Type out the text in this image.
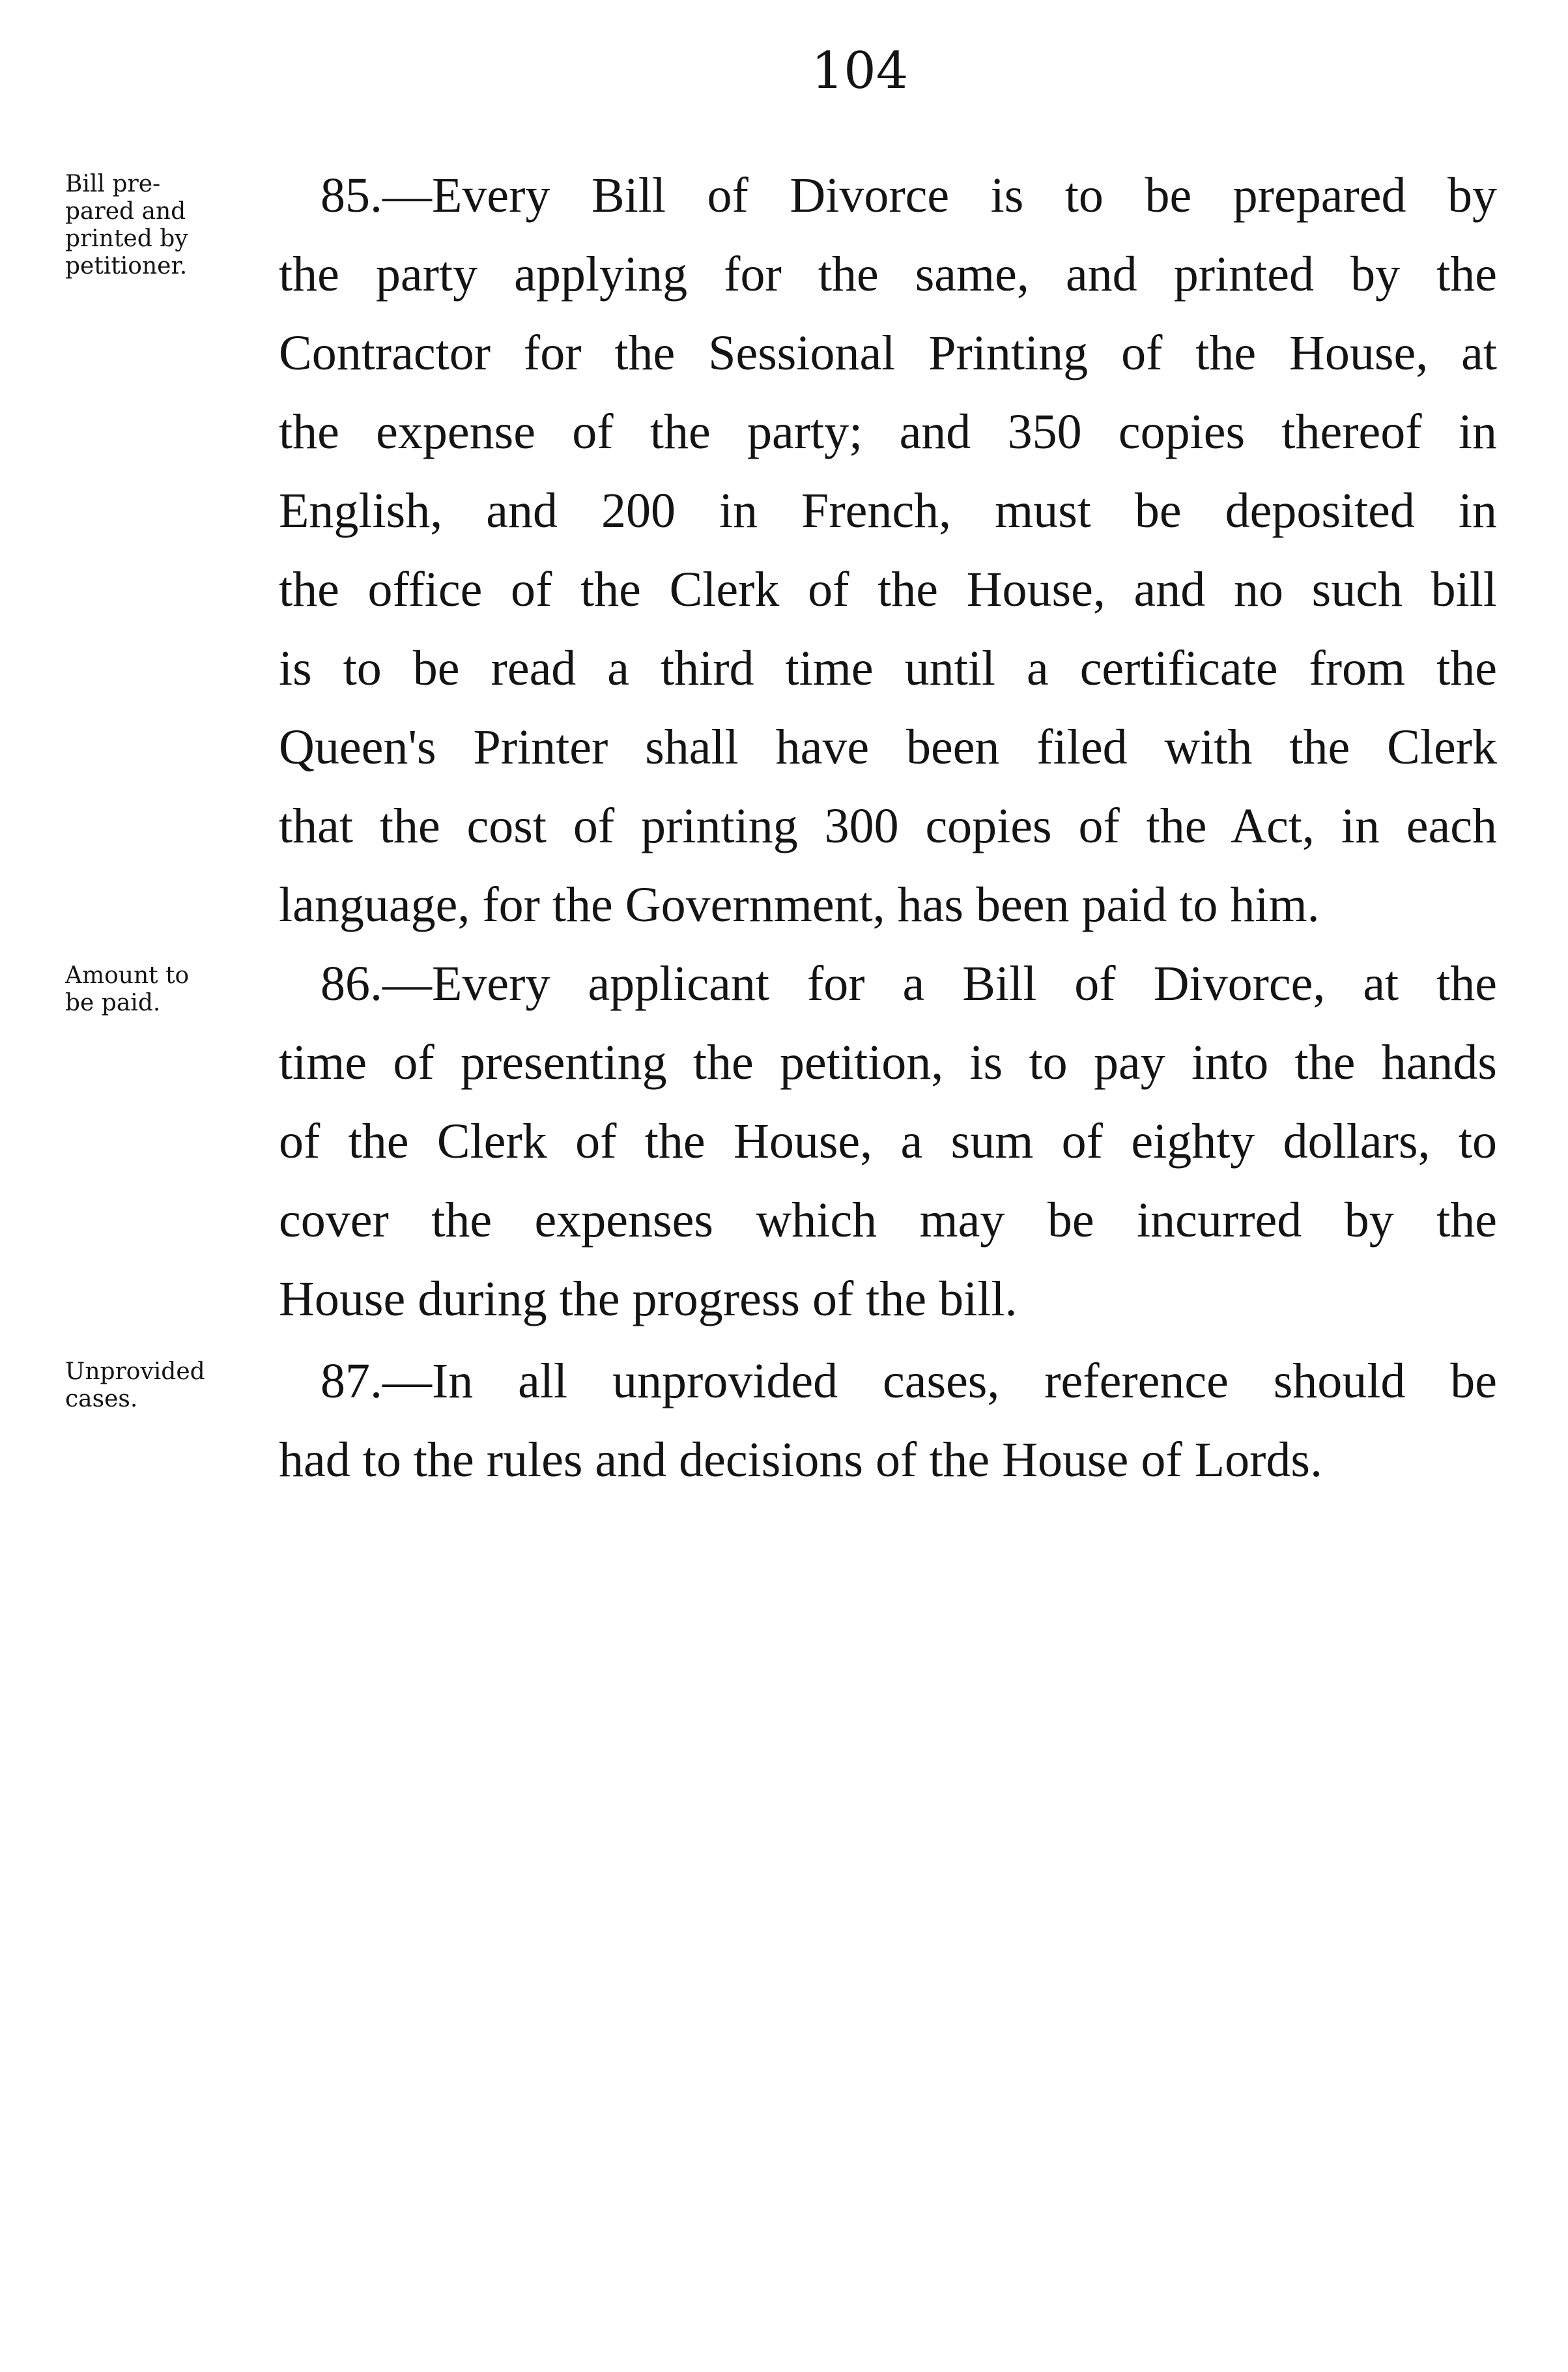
104
Bill pre-
pared and
printed by
petitioner.
85.—Every Bill of Divorce is to be prepared by
the party applying for the same, and printed by the
Contractor for the Sessional Printing of the House, at
the expense of the party; and 350 copies thereof in
English, and 200 in French, must be deposited in
the office of the Clerk of the House, and no such bill
is to be read a third time until a certificate from the
Queen's Printer shall have been filed with the Clerk
that the cost of printing 300 copies of the Act, in each
language, for the Government, has been paid to him.
Amount to
be paid.	86.—Every applicant for a Bill of Divorce, at the
time of presenting the petition, is to pay into the hands
of the Clerk of the House, a sum of eighty dollars, to
cover the expenses which may be incurred by the
House during the progress of the bill.
Unprovided
cases.	87.—In all unprovided cases, reference should be
had to the rules and decisions of the House of Lords.
